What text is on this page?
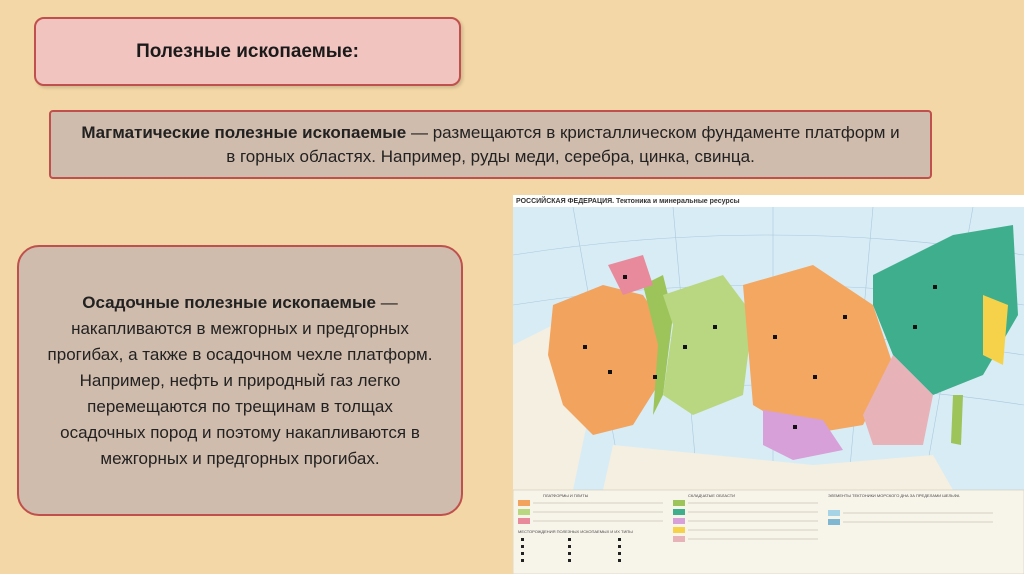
Полезные ископаемые:
Магматические полезные ископаемые — размещаются в кристаллическом фундаменте платформ и в горных областях. Например, руды меди, серебра, цинка, свинца.
Осадочные полезные ископаемые — накапливаются в межгорных и предгорных прогибах, а также в осадочном чехле платформ. Например, нефть и природный газ легко перемещаются по трещинам в толщах осадочных пород и поэтому накапливаются в межгорных и предгорных прогибах.
ПЛАТФОРМЫ И ПЛИТЫ	СКЛАДЧАТЫЕ ОБЛАСТИ	ЭЛЕМЕНТЫ ТЕКТОНИКИ МОРСКОГО ДНА ЗА ПРЕДЕЛАМИ ШЕЛЬФА
МЕСТОРОЖДЕНИЯ ПОЛЕЗНЫХ ИСКОПАЕМЫХ И ИХ ТИПЫ
РОССИЙСКАЯ ФЕДЕРАЦИЯ. Тектоника и минеральные ресурсы
